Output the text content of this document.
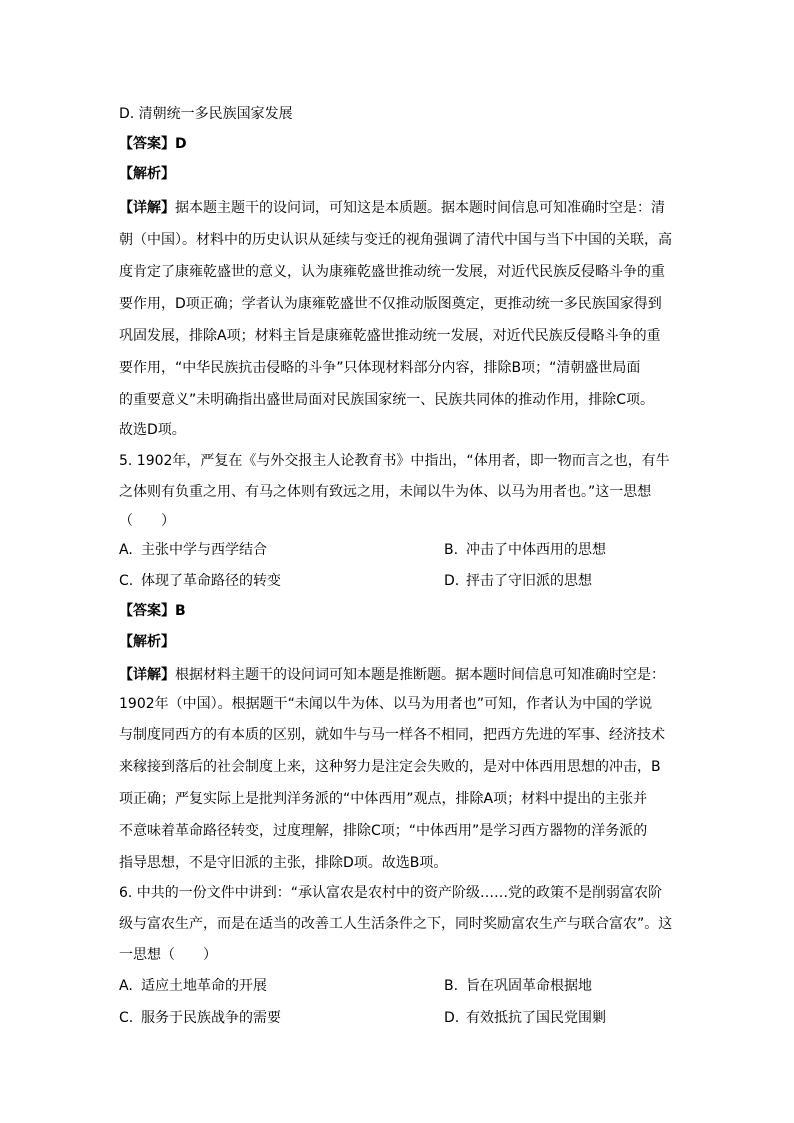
D. 清朝统一多民族国家发展
【答案】D
【解析】
【详解】据本题主题干的设问词，可知这是本质题。据本题时间信息可知准确时空是：清
朝（中国）。材料中的历史认识从延续与变迁的视角强调了清代中国与当下中国的关联，高
度肯定了康雍乾盛世的意义，认为康雍乾盛世推动统一发展，对近代民族反侵略斗争的重
要作用，D项正确；学者认为康雍乾盛世不仅推动版图奠定，更推动统一多民族国家得到
巩固发展，排除A项；材料主旨是康雍乾盛世推动统一发展，对近代民族反侵略斗争的重
要作用，“中华民族抗击侵略的斗争”只体现材料部分内容，排除B项；“清朝盛世局面
的重要意义”未明确指出盛世局面对民族国家统一、民族共同体的推动作用，排除C项。
故选D项。
5. 1902年，严复在《与外交报主人论教育书》中指出，“体用者，即一物而言之也，有牛
之体则有负重之用、有马之体则有致远之用，未闻以牛为体、以马为用者也。”这一思想
（　　）
A. 主张中学与西学结合	B. 冲击了中体西用的思想
C. 体现了革命路径的转变	D. 抨击了守旧派的思想
【答案】B
【解析】
【详解】根据材料主题干的设问词可知本题是推断题。据本题时间信息可知准确时空是：
1902年（中国）。根据题干“未闻以牛为体、以马为用者也”可知，作者认为中国的学说
与制度同西方的有本质的区别，就如牛与马一样各不相同，把西方先进的军事、经济技术
来稼接到落后的社会制度上来，这种努力是注定会失败的，是对中体西用思想的冲击，B
项正确；严复实际上是批判洋务派的“中体西用”观点，排除A项；材料中提出的主张并
不意味着革命路径转变，过度理解，排除C项；“中体西用”是学习西方器物的洋务派的
指导思想，不是守旧派的主张，排除D项。故选B项。
6. 中共的一份文件中讲到：“承认富农是农村中的资产阶级……党的政策不是削弱富农阶
级与富农生产，而是在适当的改善工人生活条件之下，同时奖励富农生产与联合富农”。这
一思想（　　）
A. 适应土地革命的开展	B. 旨在巩固革命根据地
C. 服务于民族战争的需要	D. 有效抵抗了国民党围剿
